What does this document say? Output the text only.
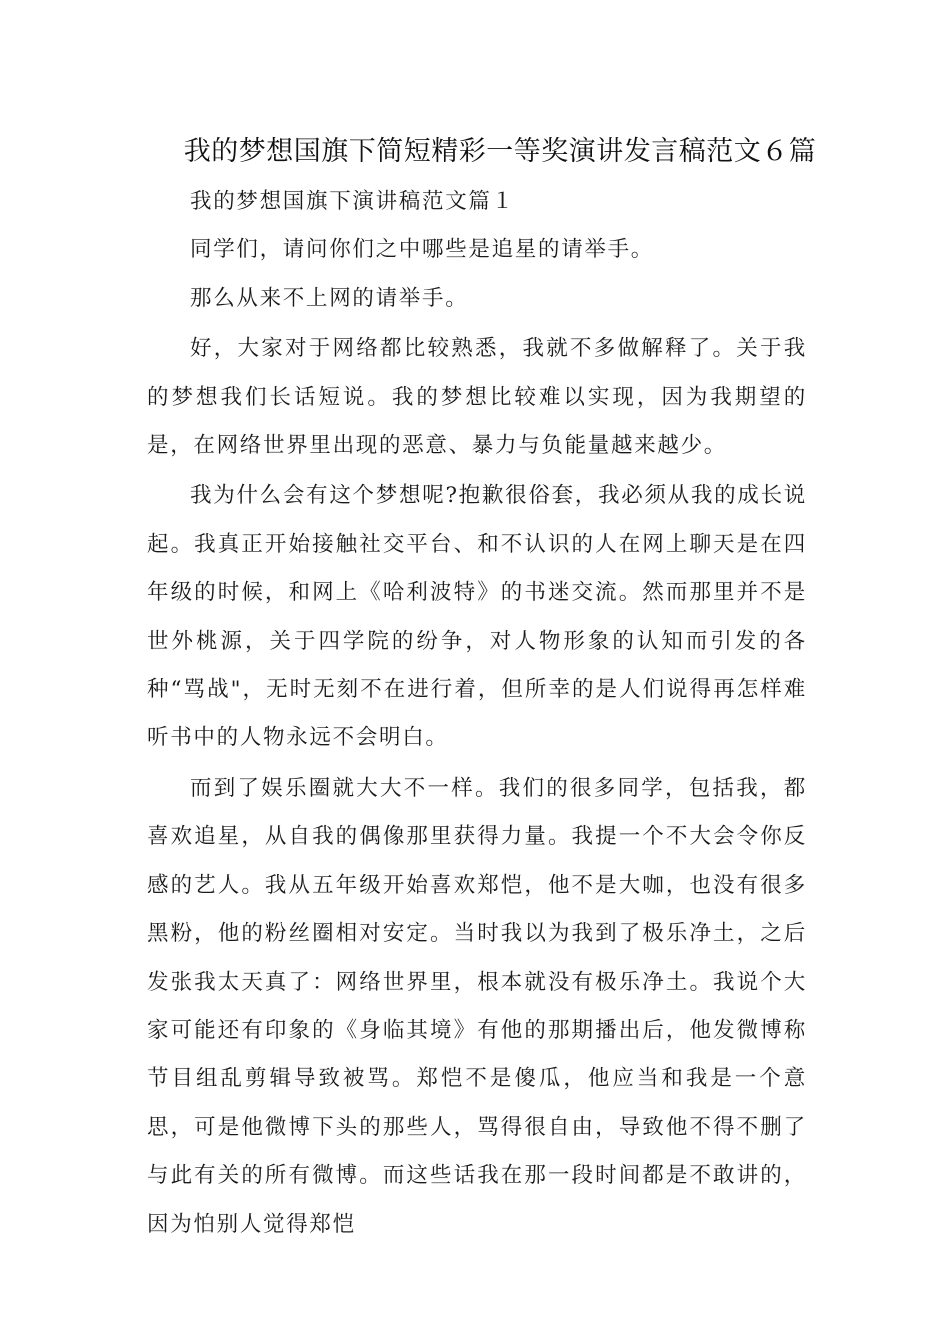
我的梦想国旗下简短精彩一等奖演讲发言稿范文６篇

我的梦想国旗下演讲稿范文篇１

同学们，请问你们之中哪些是追星的请举手。

那么从来不上网的请举手。

好，大家对于网络都比较熟悉，我就不多做解释了。关于我的梦想我们长话短说。我的梦想比较难以实现，因为我期望的是，在网络世界里出现的恶意、暴力与负能量越来越少。

我为什么会有这个梦想呢?抱歉很俗套，我必须从我的成长说起。我真正开始接触社交平台、和不认识的人在网上聊天是在四年级的时候，和网上《哈利波特》的书迷交流。然而那里并不是世外桃源，关于四学院的纷争，对人物形象的认知而引发的各种“骂战"，无时无刻不在进行着，但所幸的是人们说得再怎样难听书中的人物永远不会明白。

而到了娱乐圈就大大不一样。我们的很多同学，包括我，都喜欢追星，从自我的偶像那里获得力量。我提一个不大会令你反感的艺人。我从五年级开始喜欢郑恺，他不是大咖，也没有很多黑粉，他的粉丝圈相对安定。当时我以为我到了极乐净土，之后发张我太天真了：网络世界里，根本就没有极乐净土。我说个大家可能还有印象的《身临其境》有他的那期播出后，他发微博称节目组乱剪辑导致被骂。郑恺不是傻瓜，他应当和我是一个意思，可是他微博下头的那些人，骂得很自由，导致他不得不删了与此有关的所有微博。而这些话我在那一段时间都是不敢讲的，因为怕别人觉得郑恺
